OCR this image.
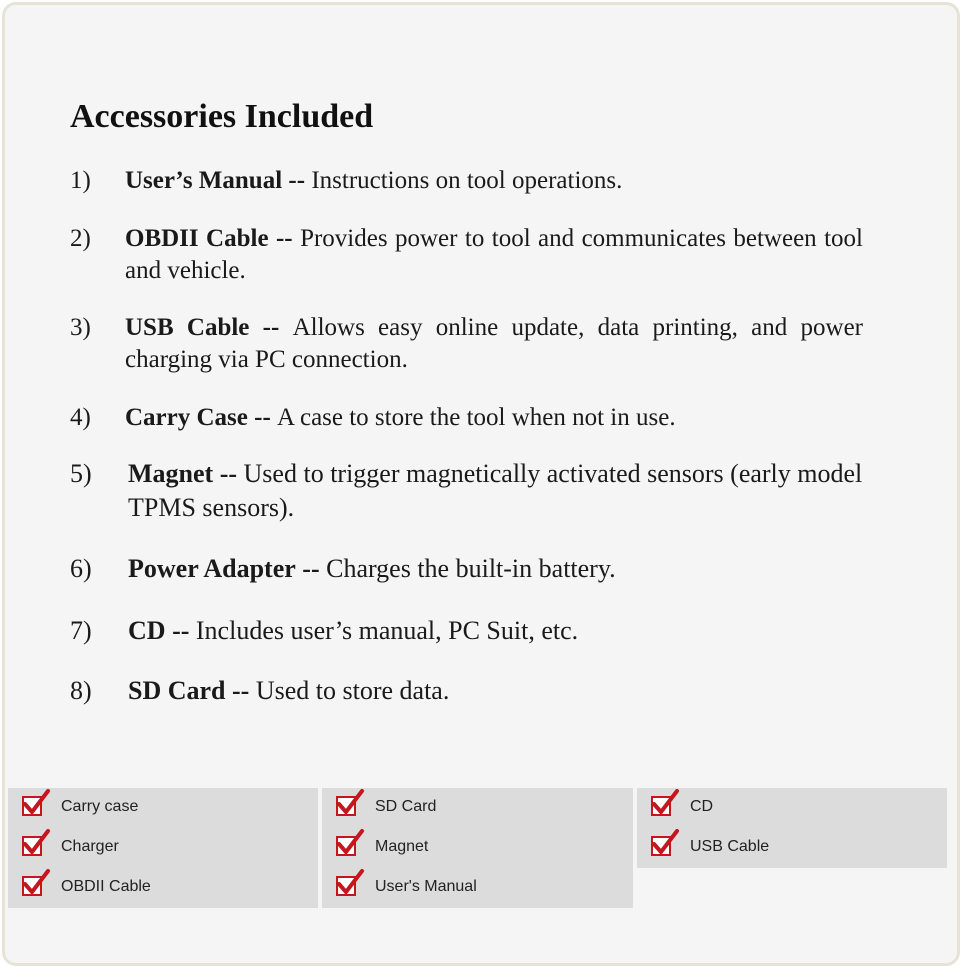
Accessories Included
1)	User’s Manual -- Instructions on tool operations.
2)	OBDII Cable -- Provides power to tool and communicates between tool and vehicle.
3)	USB Cable -- Allows easy online update, data printing, and power charging via PC connection.
4)	Carry Case -- A case to store the tool when not in use.
5)	Magnet -- Used to trigger magnetically activated sensors (early model TPMS sensors).
6)	Power Adapter -- Charges the built-in battery.
7)	CD -- Includes user’s manual, PC Suit, etc.
8)	SD Card -- Used to store data.
Carry case
Charger
OBDII Cable
SD Card
Magnet
User's Manual
CD
USB Cable
